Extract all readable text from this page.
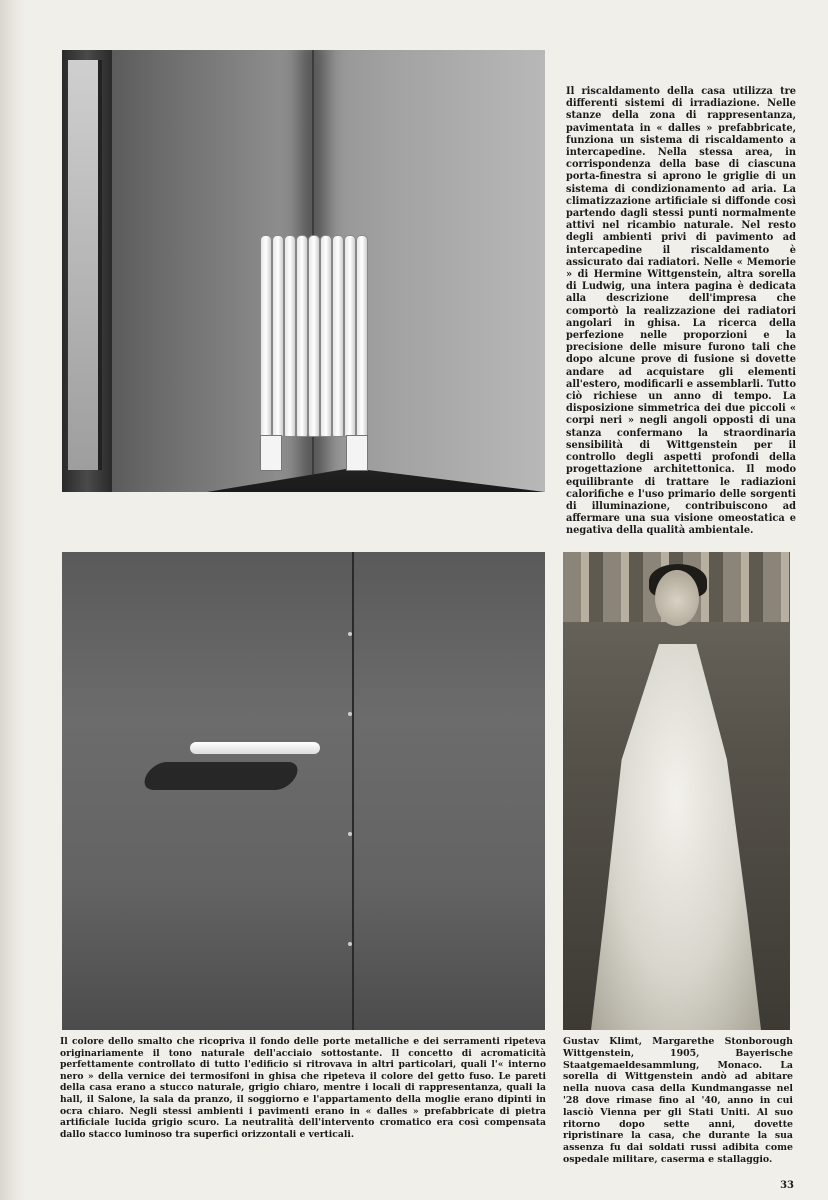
Il riscaldamento della casa utilizza tre differenti sistemi di irradiazione. Nelle stanze della zona di rappresentanza, pavimentata in « dalles » prefabbricate, funziona un sistema di riscaldamento a intercapedine. Nella stessa area, in corrispondenza della base di ciascuna porta-finestra si aprono le griglie di un sistema di condizionamento ad aria. La climatizzazione artificiale si diffonde così partendo dagli stessi punti normalmente attivi nel ricambio naturale. Nel resto degli ambienti privi di pavimento ad intercapedine il riscaldamento è assicurato dai radiatori. Nelle « Memorie » di Hermine Wittgenstein, altra sorella di Ludwig, una intera pagina è dedicata alla descrizione dell'impresa che comportò la realizzazione dei radiatori angolari in ghisa. La ricerca della perfezione nelle proporzioni e la precisione delle misure furono tali che dopo alcune prove di fusione si dovette andare ad acquistare gli elementi all'estero, modificarli e assemblarli. Tutto ciò richiese un anno di tempo. La disposizione simmetrica dei due piccoli « corpi neri » negli angoli opposti di una stanza confermano la straordinaria sensibilità di Wittgenstein per il controllo degli aspetti profondi della progettazione architettonica. Il modo equilibrante di trattare le radiazioni calorifiche e l'uso primario delle sorgenti di illuminazione, contribuiscono ad affermare una sua visione omeostatica e negativa della qualità ambientale.
Il colore dello smalto che ricopriva il fondo delle porte metalliche e dei serramenti ripeteva originariamente il tono naturale dell'acciaio sottostante. Il concetto di acromaticità perfettamente controllato di tutto l'edificio si ritrovava in altri particolari, quali l'« interno nero » della vernice dei termosifoni in ghisa che ripeteva il colore del getto fuso. Le pareti della casa erano a stucco naturale, grigio chiaro, mentre i locali di rappresentanza, quali la hall, il Salone, la sala da pranzo, il soggiorno e l'appartamento della moglie erano dipinti in ocra chiaro. Negli stessi ambienti i pavimenti erano in « dalles » prefabbricate di pietra artificiale lucida grigio scuro. La neutralità dell'intervento cromatico era così compensata dallo stacco luminoso tra superfici orizzontali e verticali.
Gustav Klimt, Margarethe Stonborough Wittgenstein, 1905, Bayerische Staatgemaeldesammlung, Monaco. La sorella di Wittgenstein andò ad abitare nella nuova casa della Kundmangasse nel '28 dove rimase fino al '40, anno in cui lasciò Vienna per gli Stati Uniti. Al suo ritorno dopo sette anni, dovette ripristinare la casa, che durante la sua assenza fu dai soldati russi adibita come ospedale militare, caserma e stallaggio.
33
